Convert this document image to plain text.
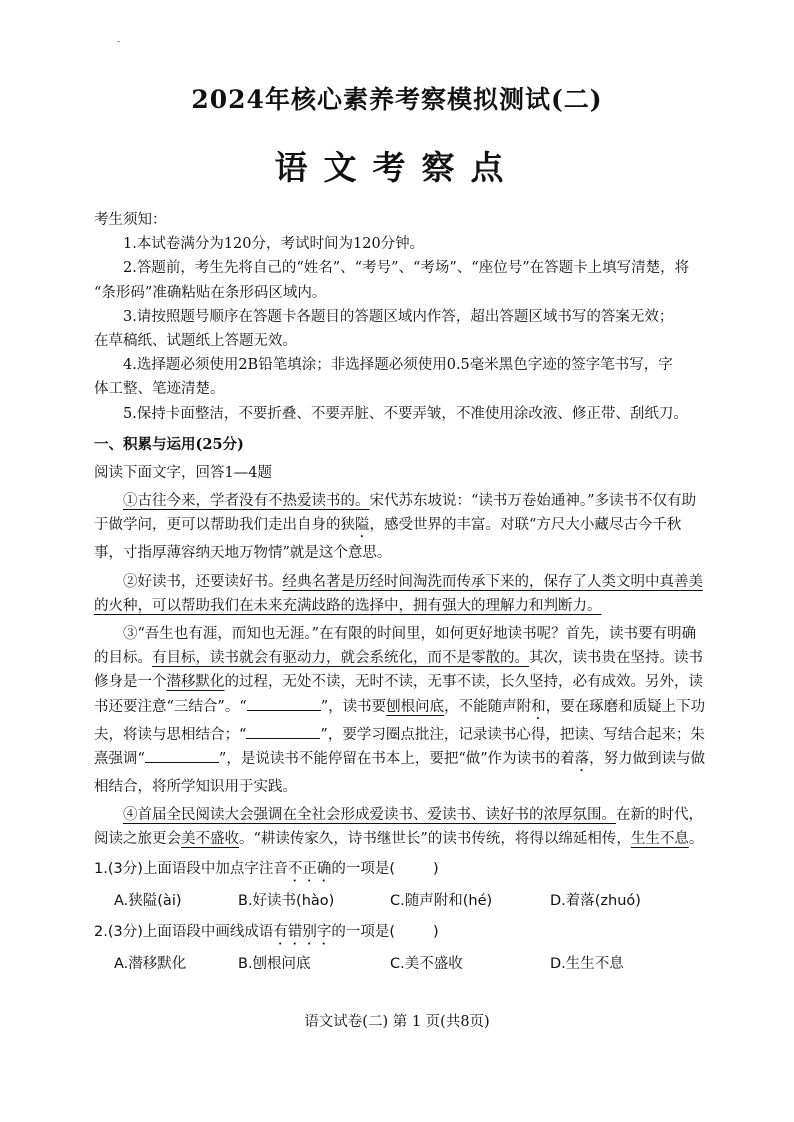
2024年核心素养考察模拟测试(二)
语文考察点

考生须知：

1.本试卷满分为120分，考试时间为120分钟。

2.答题前，考生先将自己的“姓名”、“考号”、“考场”、“座位号”在答题卡上填写清楚，将

“条形码”准确粘贴在条形码区域内。

3.请按照题号顺序在答题卡各题目的答题区域内作答，超出答题区域书写的答案无效；

在草稿纸、试题纸上答题无效。

4.选择题必须使用2B铅笔填涂；非选择题必须使用0.5毫米黑色字迹的签字笔书写，字

体工整、笔迹清楚。

5.保持卡面整洁，不要折叠、不要弄脏、不要弄皱，不准使用涂改液、修正带、刮纸刀。

一、积累与运用(25分)

阅读下面文字，回答1—4题

①古往今来，学者没有不热爱读书的。宋代苏东坡说：“读书万卷始通神。”多读书不仅有助于做学问，更可以帮助我们走出自身的狭隘，感受世界的丰富。对联“方尺大小藏尽古今千秋事，寸指厚薄容纳天地万物情”就是这个意思。

②好读书，还要读好书。经典名著是历经时间淘洗而传承下来的，保存了人类文明中真善美的火种，可以帮助我们在未来充满歧路的选择中，拥有强大的理解力和判断力。

③“吾生也有涯，而知也无涯。”在有限的时间里，如何更好地读书呢？首先，读书要有明确的目标。有目标，读书就会有驱动力，就会系统化，而不是零散的。其次，读书贵在坚持。读书修身是一个潜移默化的过程，无处不读，无时不读，无事不读，长久坚持，必有成效。另外，读书还要注意“三结合”。“	”，读书要刨根问底，不能随声附和，要在琢磨和质疑上下功夫，将读与思相结合；“	”，要学习圈点批注，记录读书心得，把读、写结合起来；朱熹强调“	”，是说读书不能停留在书本上，要把“做”作为读书的着落，努力做到读与做相结合，将所学知识用于实践。

④首届全民阅读大会强调在全社会形成爱读书、爱读书、读好书的浓厚氛围。在新的时代，阅读之旅更会美不盛收。“耕读传家久，诗书继世长”的读书传统，将得以绵延相传，生生不息。

1.(3分)上面语段中加点字注音不正确的一项是(	)

A.狭隘(ài)	B.好读书(hào)	C.随声附和(hé)	D.着落(zhuó)

2.(3分)上面语段中画线成语有错别字的一项是(	)

A.潜移默化	B.刨根问底	C.美不盛收	D.生生不息
语文试卷(二) 第 1 页(共8页)
